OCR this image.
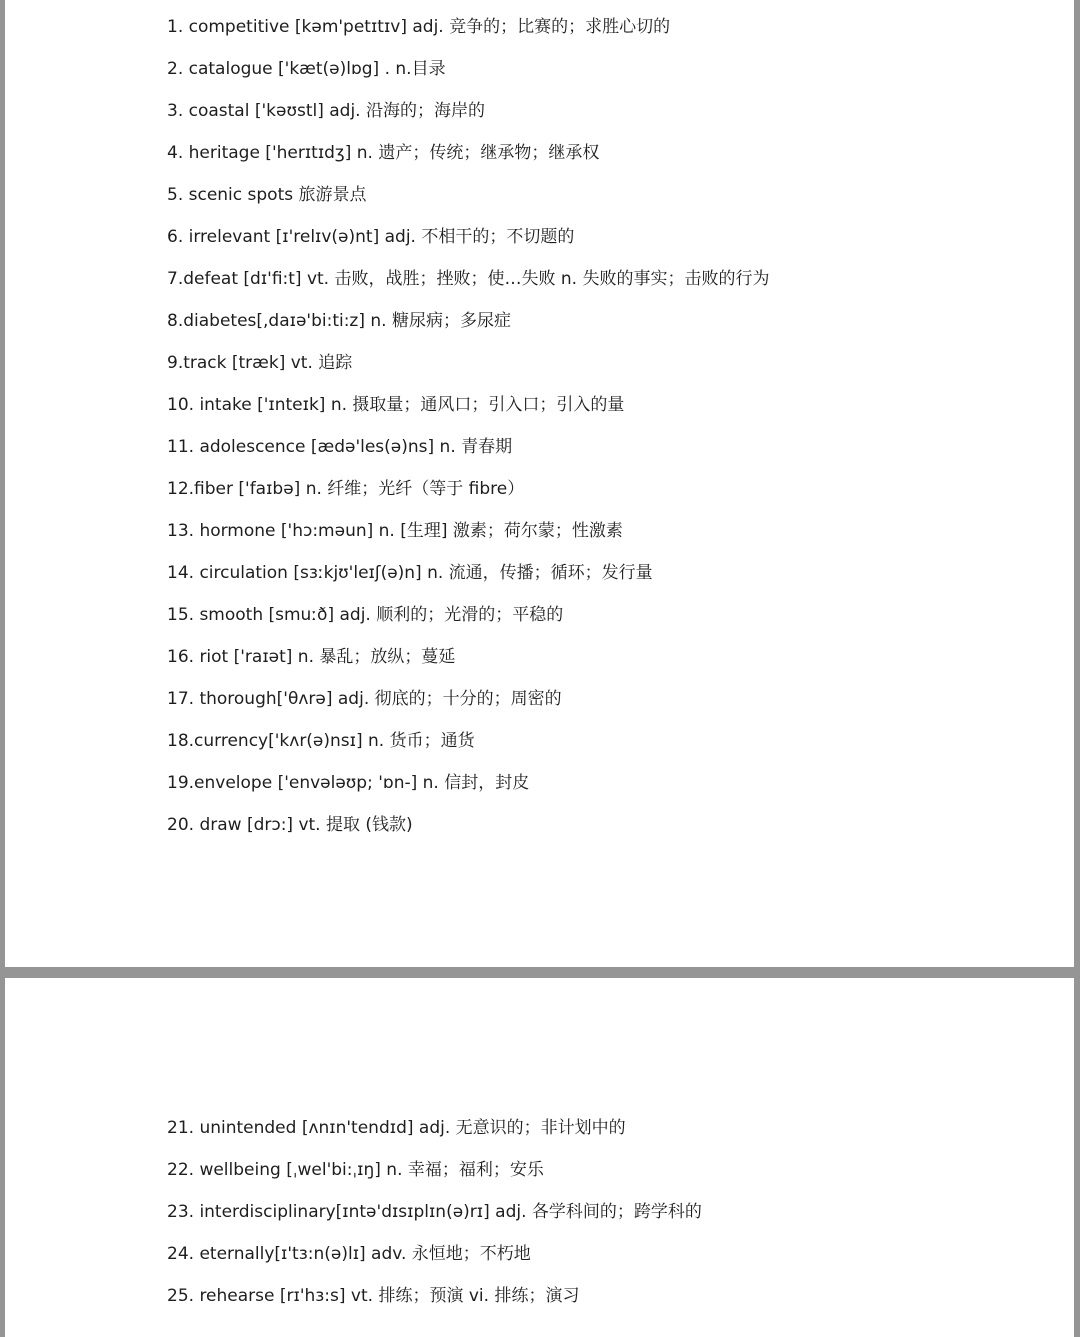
1. competitive [kəm'petɪtɪv] adj. 竞争的；比赛的；求胜心切的

2. catalogue ['kæt(ə)lɒg] . n.目录

3. coastal ['kəʊstl] adj. 沿海的；海岸的

4. heritage ['herɪtɪdʒ] n. 遗产；传统；继承物；继承权

5. scenic spots 旅游景点

6. irrelevant [ɪ'relɪv(ə)nt] adj. 不相干的；不切题的

7.defeat [dɪ'fi:t] vt. 击败，战胜；挫败；使…失败 n. 失败的事实；击败的行为

8.diabetes[,daɪə'bi:ti:z] n. 糖尿病；多尿症

9.track [træk] vt. 追踪

10. intake ['ɪnteɪk] n. 摄取量；通风口；引入口；引入的量

11. adolescence [ædə'les(ə)ns] n. 青春期

12.fiber ['faɪbə] n. 纤维；光纤（等于 fibre）

13. hormone ['hɔ:məun] n. [生理] 激素；荷尔蒙；性激素

14. circulation [sɜːkjʊ'leɪʃ(ə)n] n. 流通，传播；循环；发行量

15. smooth [smuːð] adj. 顺利的；光滑的；平稳的

16. riot ['raɪət] n. 暴乱；放纵；蔓延

17. thorough['θʌrə] adj. 彻底的；十分的；周密的

18.currency['kʌr(ə)nsɪ] n. 货币；通货

19.envelope ['envələʊp; 'ɒn-] n. 信封，封皮

20. draw [drɔ:] vt. 提取 (钱款)

21. unintended [ʌnɪn'tendɪd] adj. 无意识的；非计划中的

22. wellbeing [ˌwel'bi:ˌɪŋ] n. 幸福；福利；安乐

23. interdisciplinary[ɪntə'dɪsɪplɪn(ə)rɪ] adj. 各学科间的；跨学科的

24. eternally[ɪ'tɜ:n(ə)lɪ] adv. 永恒地；不朽地

25. rehearse [rɪ'hɜ:s] vt. 排练；预演 vi. 排练；演习
